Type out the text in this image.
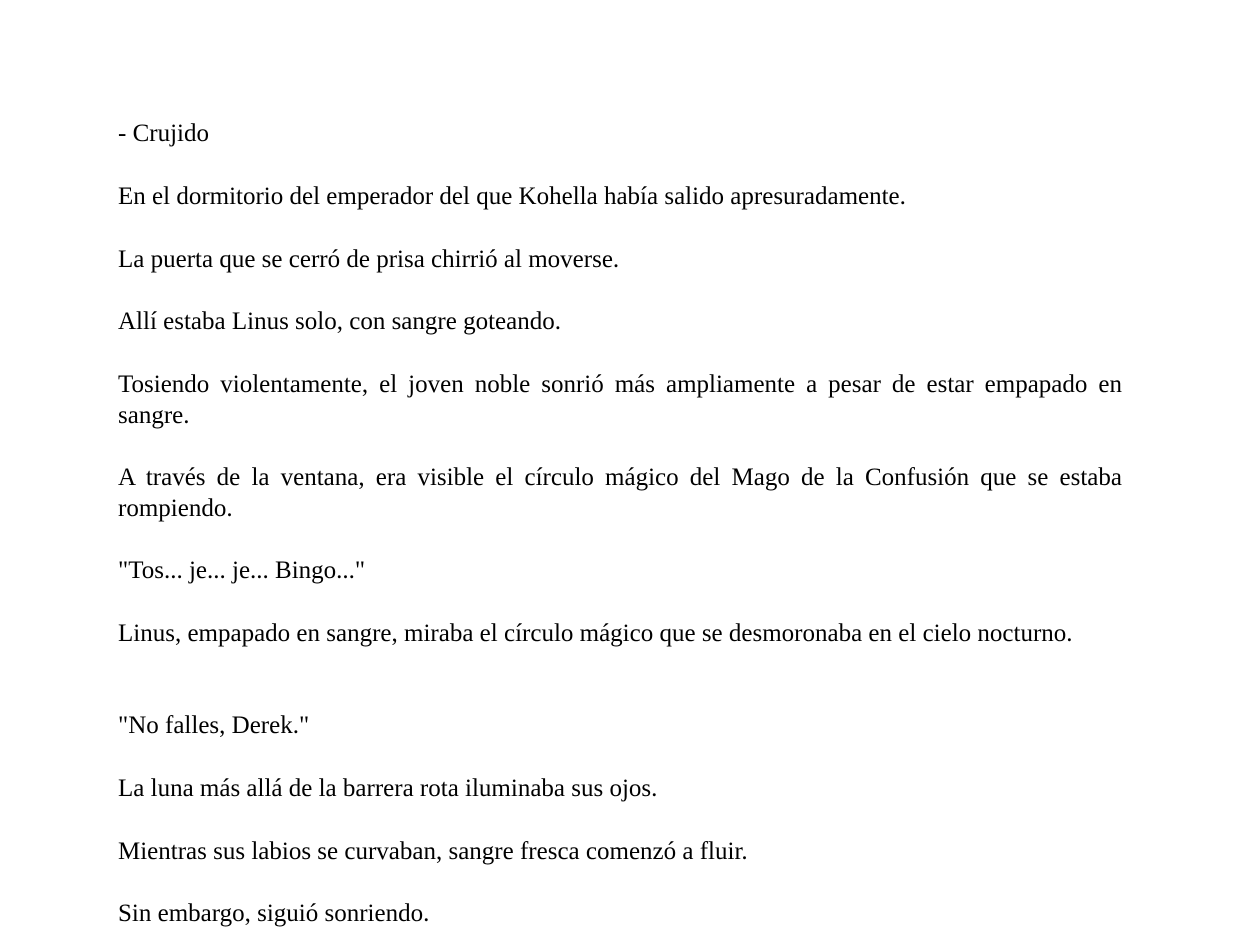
- Crujido

En el dormitorio del emperador del que Kohella había salido apresuradamente.

La puerta que se cerró de prisa chirrió al moverse.

Allí estaba Linus solo, con sangre goteando.

Tosiendo violentamente, el joven noble sonrió más ampliamente a pesar de estar empapado en sangre.

A través de la ventana, era visible el círculo mágico del Mago de la Confusión que se estaba rompiendo.

"Tos... je... je... Bingo..."

Linus, empapado en sangre, miraba el círculo mágico que se desmoronaba en el cielo nocturno.

"No falles, Derek."

La luna más allá de la barrera rota iluminaba sus ojos.

Mientras sus labios se curvaban, sangre fresca comenzó a fluir.

Sin embargo, siguió sonriendo.
